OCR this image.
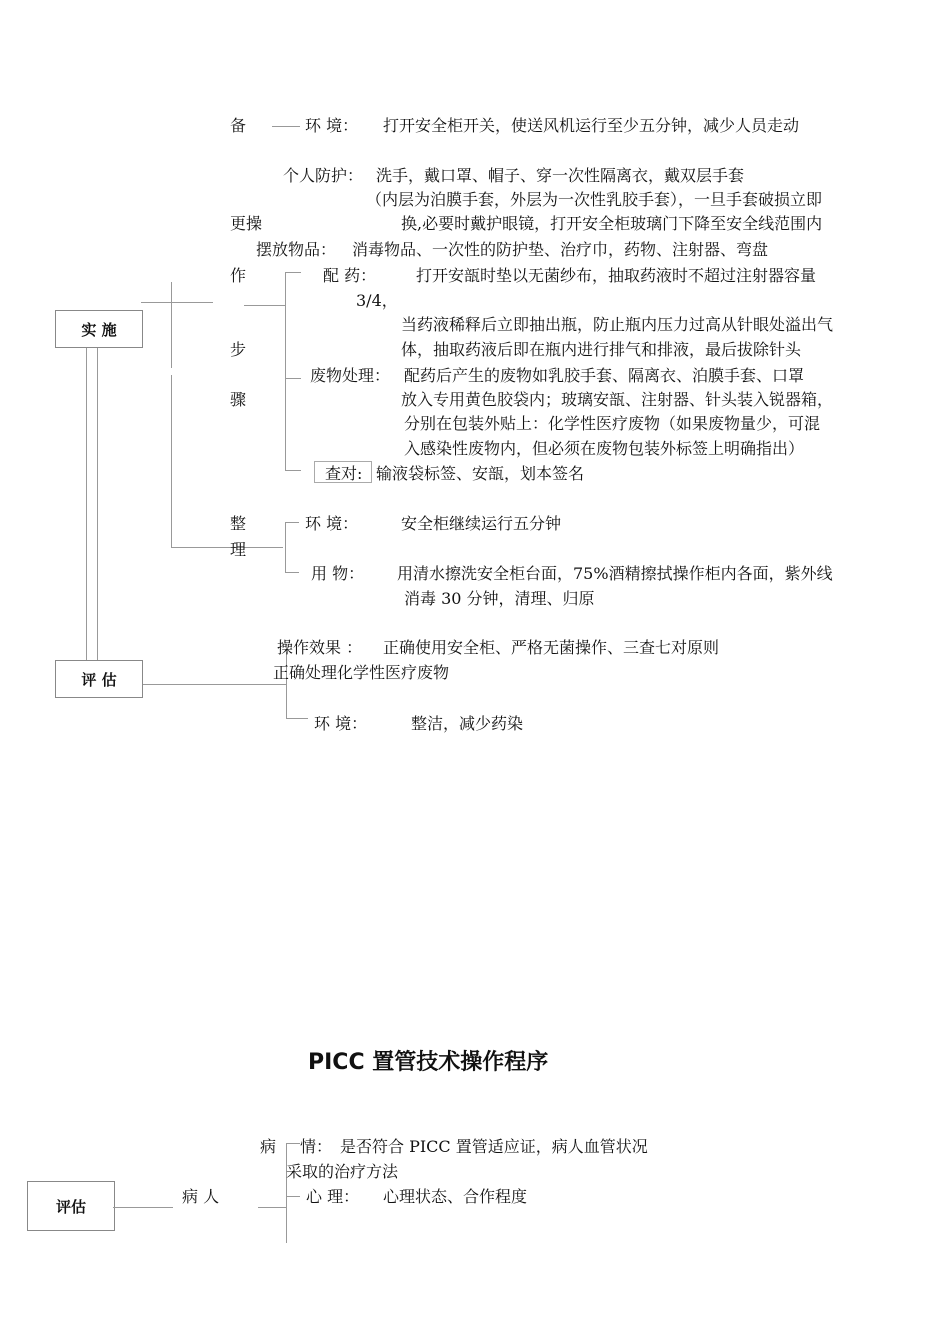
实 施
评 估
备	环 境： 打开安全柜开关，使送风机运行至少五分钟，减少人员走动
个人防护： 洗手，戴口罩、帽子、穿一次性隔离衣，戴双层手套
（内层为泊膜手套，外层为一次性乳胶手套），一旦手套破损立即
更操	换,必要时戴护眼镜，打开安全柜玻璃门下降至安全线范围内
摆放物品： 消毒物品、一次性的防护垫、治疗巾，药物、注射器、弯盘
作	配 药： 打开安瓿时垫以无菌纱布，抽取药液时不超过注射器容量
3/4，
当药液稀释后立即抽出瓶，防止瓶内压力过高从针眼处溢出气
步	体，抽取药液后即在瓶内进行排气和排液，最后拔除针头
废物处理： 配药后产生的废物如乳胶手套、隔离衣、泊膜手套、口罩
骤	放入专用黄色胶袋内；玻璃安瓿、注射器、针头装入锐器箱，
分别在包装外贴上：化学性医疗废物（如果废物量少，可混
入感染性废物内，但必须在废物包装外标签上明确指出）
查对: 输液袋标签、安瓿，划本签名
整	环 境：	安全柜继续运行五分钟
理
用 物： 用清水擦洗安全柜台面，75%酒精擦拭操作柜内各面，紫外线
消毒 30 分钟，清理、归原
操作效果 ： 正确使用安全柜、严格无菌操作、三查七对原则
正确处理化学性医疗废物
环 境：	整洁，减少药染
PICC 置管技术操作程序
评估
病 人
病 情： 是否符合 PICC 置管适应证，病人血管状况
采取的治疗方法
心 理： 心理状态、合作程度
